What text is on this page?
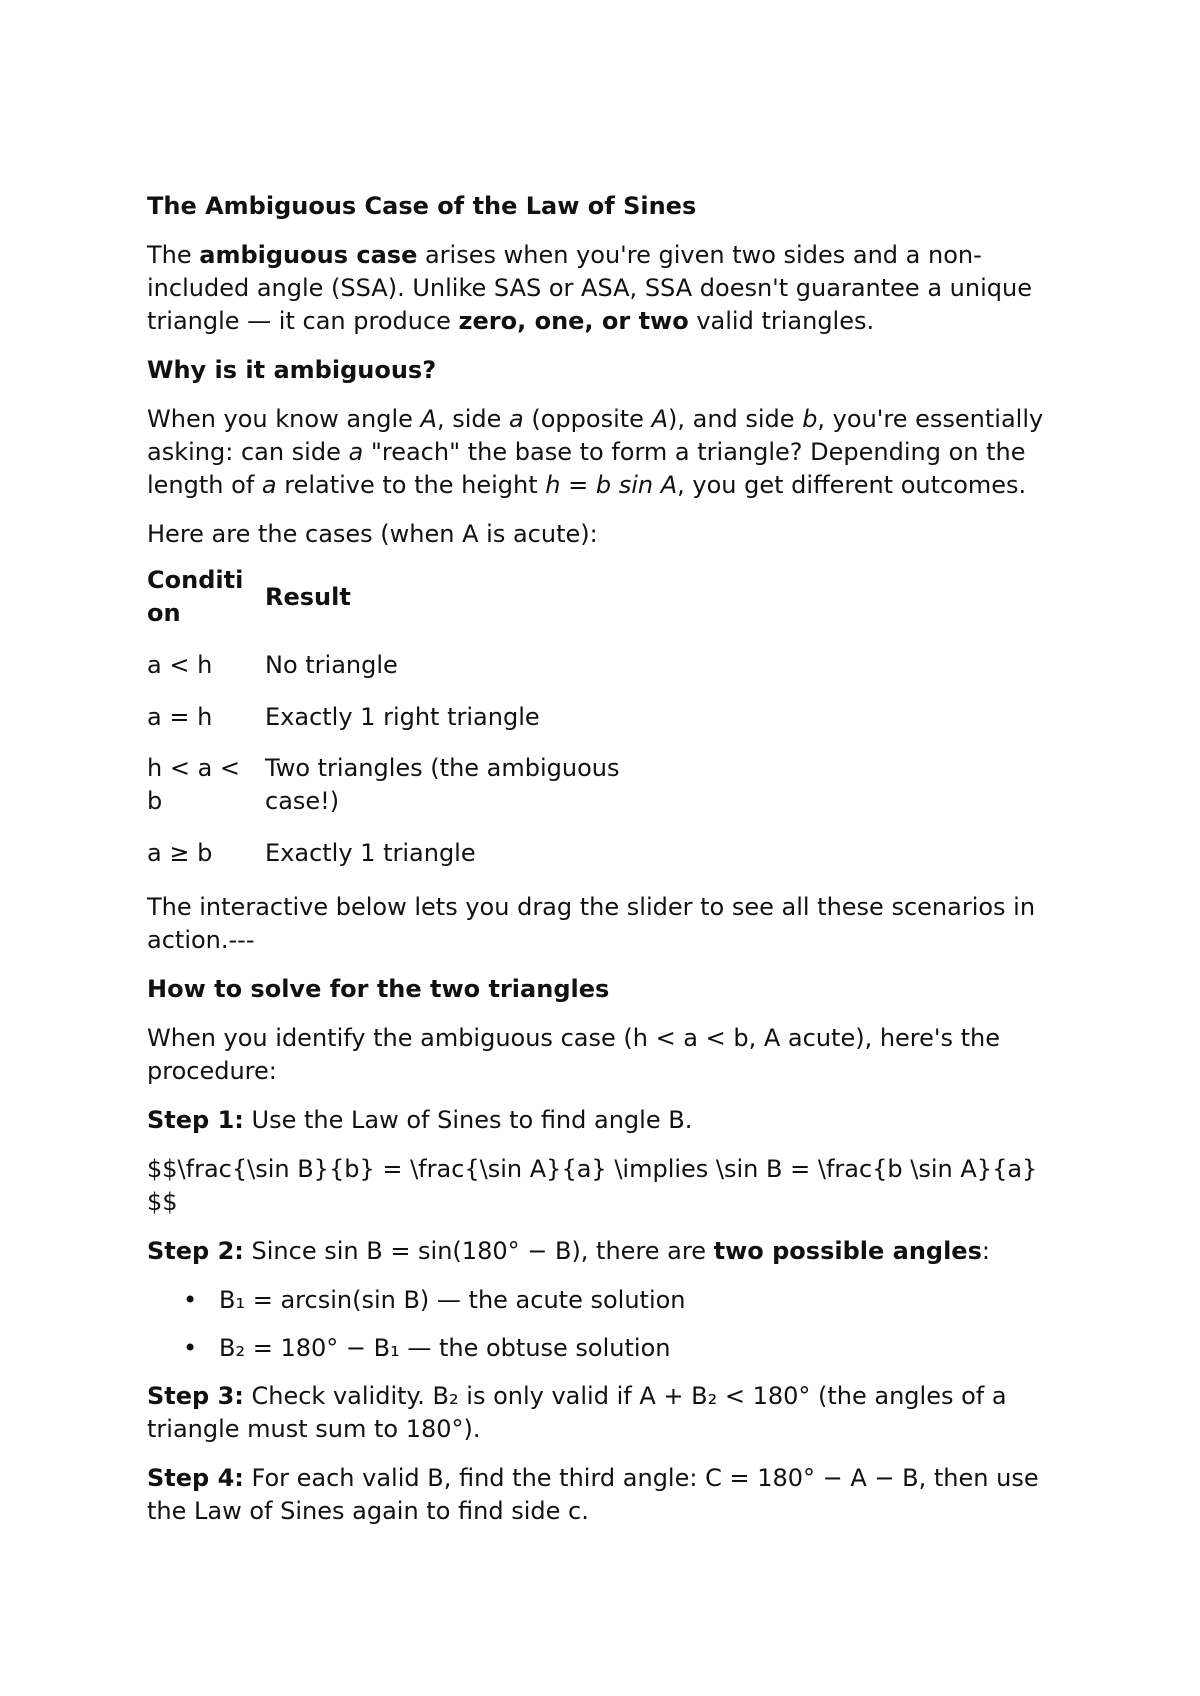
The Ambiguous Case of the Law of Sines

The ambiguous case arises when you're given two sides and a non-included angle (SSA). Unlike SAS or ASA, SSA doesn't guarantee a unique triangle — it can produce zero, one, or two valid triangles.

Why is it ambiguous?

When you know angle A, side a (opposite A), and side b, you're essentially asking: can side a "reach" the base to form a triangle? Depending on the length of a relative to the height h = b sin A, you get different outcomes.

Here are the cases (when A is acute):

Condition	Result
a < h	No triangle
a = h	Exactly 1 right triangle

h < a < b	Two triangles (the ambiguous case!)

a ≥ b	Exactly 1 triangle

The interactive below lets you drag the slider to see all these scenarios in action.---

How to solve for the two triangles

When you identify the ambiguous case (h < a < b, A acute), here's the procedure:

Step 1: Use the Law of Sines to find angle B.

$$\frac{\sin B}{b} = \frac{\sin A}{a} \implies \sin B = \frac{b \sin A}{a} $$

Step 2: Since sin B = sin(180° − B), there are two possible angles:

• B₁ = arcsin(sin B) — the acute solution
• B₂ = 180° − B₁ — the obtuse solution

Step 3: Check validity. B₂ is only valid if A + B₂ < 180° (the angles of a triangle must sum to 180°).

Step 4: For each valid B, find the third angle: C = 180° − A − B, then use the Law of Sines again to find side c.
